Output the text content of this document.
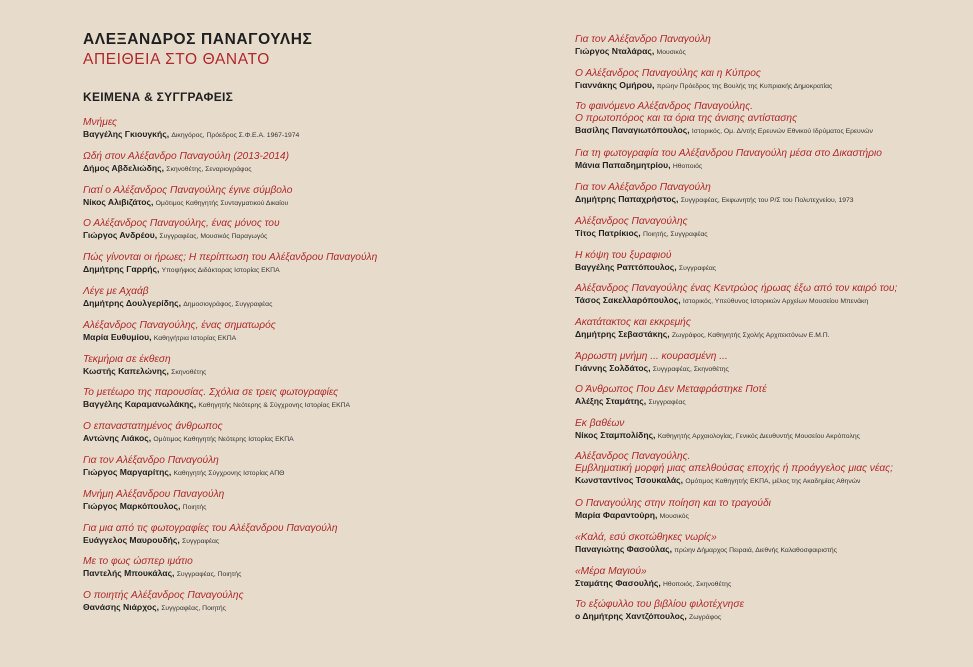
ΑΛΕΞΑΝΔΡΟΣ ΠΑΝΑΓΟΥΛΗΣ
ΑΠΕΙΘΕΙΑ ΣΤΟ ΘΑΝΑΤΟ
ΚΕΙΜΕΝΑ & ΣΥΓΓΡΑΦΕΙΣ
Μνήμες
Βαγγέλης Γκιουγκής, Δικηγόρος, Πρόεδρος Σ.Φ.Ε.Α. 1967-1974
Ωδή στον Αλέξανδρο Παναγούλη (2013-2014)
Δήμος Αβδελιώδης, Σκηνοθέτης, Σεναριογράφος
Γιατί ο Αλέξανδρος Παναγούλης έγινε σύμβολο
Νίκος Αλιβιζάτος, Ομότιμος Καθηγητής Συνταγματικού Δικαίου
Ο Αλέξανδρος Παναγούλης, ένας μόνος του
Γιώργος Ανδρέου, Συγγραφέας, Μουσικός Παραγωγός
Πώς γίνονται οι ήρωες; Η περίπτωση του Αλέξανδρου Παναγούλη
Δημήτρης Γαρρής, Υποψήφιος Διδάκτορας Ιστορίας ΕΚΠΑ
Λέγε με Αχαάβ
Δημήτρης Δουλγερίδης, Δημοσιογράφος, Συγγραφέας
Αλέξανδρος Παναγούλης, ένας σηματωρός
Μαρία Ευθυμίου, Καθηγήτρια Ιστορίας ΕΚΠΑ
Τεκμήρια σε έκθεση
Κωστής Καπελώνης, Σκηνοθέτης
Το μετέωρο της παρουσίας. Σχόλια σε τρεις φωτογραφίες
Βαγγέλης Καραμανωλάκης, Καθηγητής Νεότερης & Σύγχρονης Ιστορίας ΕΚΠΑ
Ο επαναστατημένος άνθρωπος
Αντώνης Λιάκος, Ομότιμος Καθηγητής Νεότερης Ιστορίας ΕΚΠΑ
Για τον Αλέξανδρο Παναγούλη
Γιώργος Μαργαρίτης, Καθηγητής Σύγχρονης Ιστορίας ΑΠΘ
Μνήμη Αλέξανδρου Παναγούλη
Γιώργος Μαρκόπουλος, Ποιητής
Για μια από τις φωτογραφίες του Αλέξανδρου Παναγούλη
Ευάγγελος Μαυρουδής, Συγγραφέας
Με το φως ώσπερ ιμάτιο
Παντελής Μπουκάλας, Συγγραφέας, Ποιητής
Ο ποιητής Αλέξανδρος Παναγούλης
Θανάσης Νιάρχος, Συγγραφέας, Ποιητής
Για τον Αλέξανδρο Παναγούλη
Γιώργος Νταλάρας, Μουσικός
Ο Αλέξανδρος Παναγούλης και η Κύπρος
Γιαννάκης Ομήρου, πρώην Πρόεδρος της Βουλής της Κυπριακής Δημοκρατίας
Το φαινόμενο Αλέξανδρος Παναγούλης.
Ο πρωτοπόρος και τα όρια της άνισης αντίστασης
Βασίλης Παναγιωτόπουλος, Ιστορικός, Ομ. Δ/ντής Ερευνών Εθνικού Ιδρύματος Ερευνών
Για τη φωτογραφία του Αλέξανδρου Παναγούλη μέσα στο Δικαστήριο
Μάνια Παπαδημητρίου, Ηθοποιός
Για τον Αλέξανδρο Παναγούλη
Δημήτρης Παπαχρήστος, Συγγραφέας, Εκφωνητής του Ρ/Σ του Πολυτεχνείου, 1973
Αλέξανδρος Παναγούλης
Τίτος Πατρίκιος, Ποιητής, Συγγραφέας
Η κόψη του ξυραφιού
Βαγγέλης Ραπτόπουλος, Συγγραφέας
Αλέξανδρος Παναγούλης ένας Κεντρώος ήρωας έξω από τον καιρό του;
Τάσος Σακελλαρόπουλος, Ιστορικός, Υπεύθυνος Ιστορικών Αρχείων Μουσείου Μπενάκη
Ακατάτακτος και εκκρεμής
Δημήτρης Σεβαστάκης, Ζωγράφος, Καθηγητής Σχολής Αρχιτεκτόνων Ε.Μ.Π.
Άρρωστη μνήμη ... κουρασμένη ...
Γιάννης Σολδάτος, Συγγραφέας, Σκηνοθέτης
Ο Άνθρωπος Που Δεν Μεταφράστηκε Ποτέ
Αλέξης Σταμάτης, Συγγραφέας
Εκ βαθέων
Νίκος Σταμπολίδης, Καθηγητής Αρχαιολογίας, Γενικός Διευθυντής Μουσείου Ακρόπολης
Αλέξανδρος Παναγούλης.
Εμβληματική μορφή μιας απελθούσας εποχής ή πρoάγγελος μιας νέας;
Κωνσταντίνος Τσουκαλάς, Ομότιμος Καθηγητής ΕΚΠΑ, μέλος της Ακαδημίας Αθηνών
Ο Παναγούλης στην ποίηση και το τραγούδι
Μαρία Φαραντούρη, Μουσικός
«Καλά, εσύ σκοτώθηκες νωρίς»
Παναγιώτης Φασούλας, πρώην Δήμαρχος Πειραιά, Διεθνής Καλαθοσφαιριστής
«Μέρα Μαγιού»
Σταμάτης Φασουλής, Ηθοποιός, Σκηνοθέτης
Το εξώφυλλο του βιβλίου φιλοτέχνησε
ο Δημήτρης Χαντζόπουλος, Ζωγράφος
